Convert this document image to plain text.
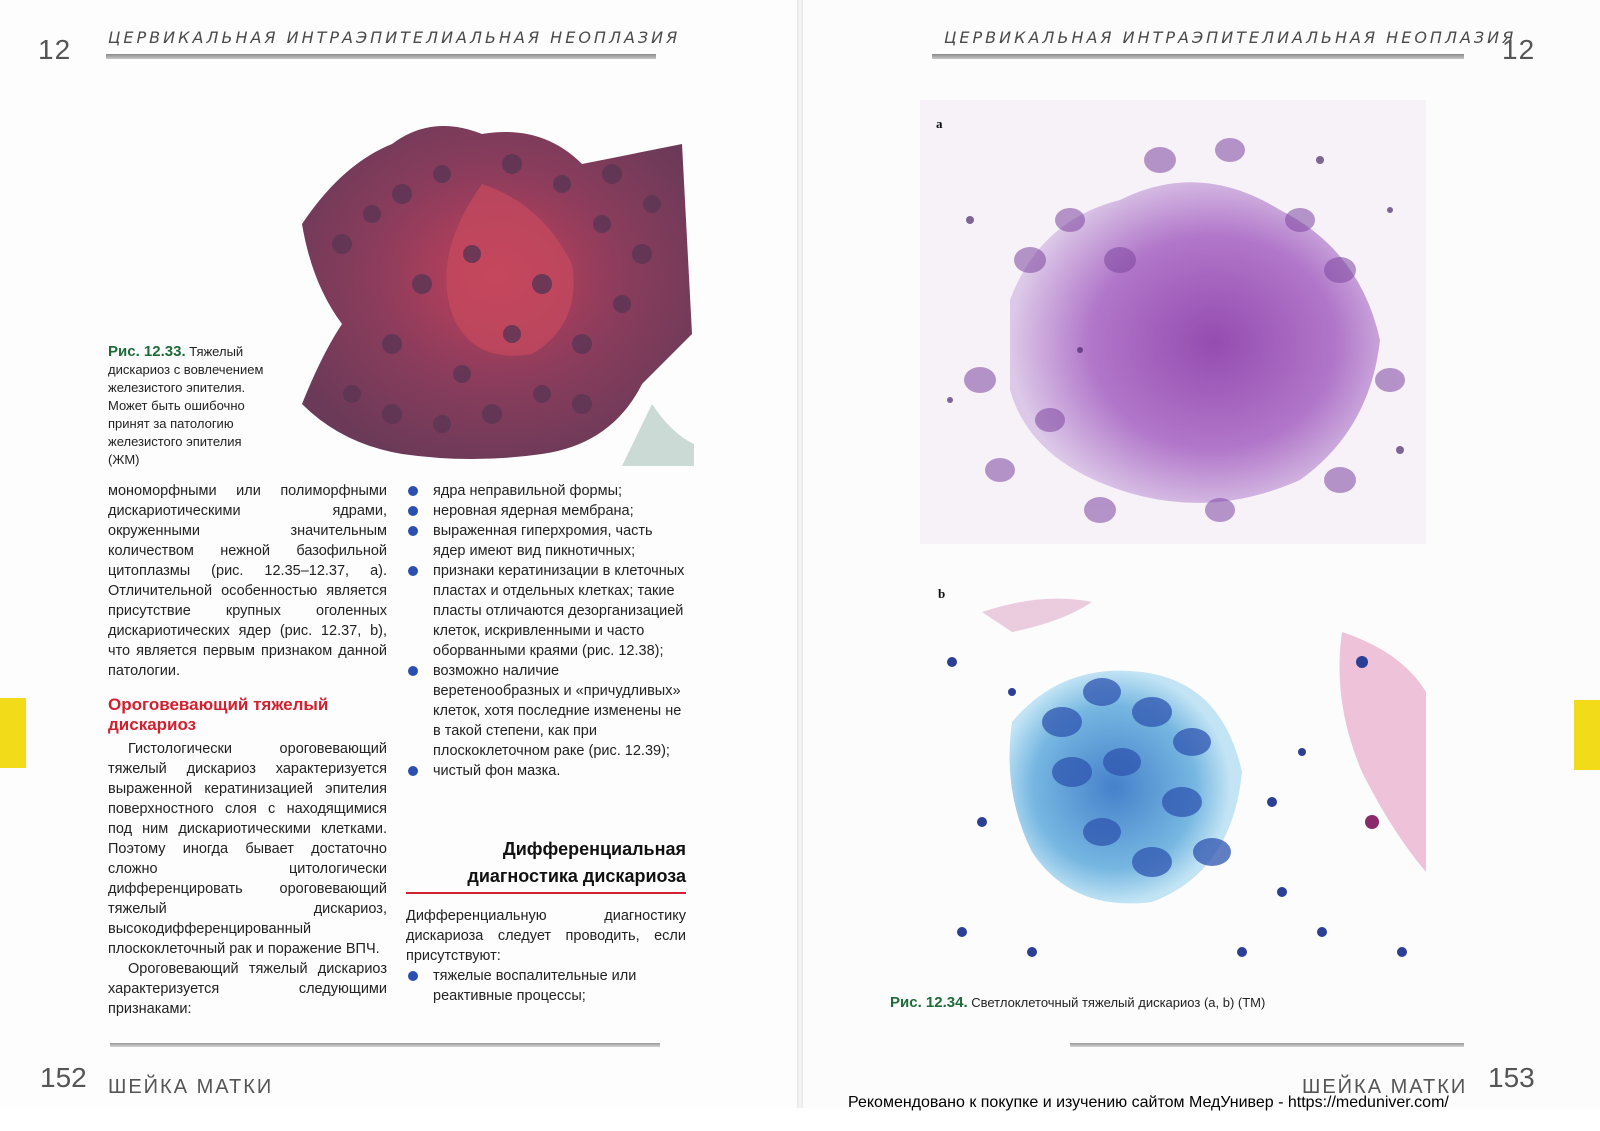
12 ЦЕРВИКАЛЬНАЯ ИНТРАЭПИТЕЛИАЛЬНАЯ НЕОПЛАЗИЯ
Рис. 12.33. Тяжелый дискариоз с вовлечением железистого эпителия. Может быть ошибочно принят за патологию железистого эпителия (ЖМ)
мономорфными или полиморфными дискариотическими ядрами, окруженными значительным количеством нежной базофильной цитоплазмы (рис. 12.35–12.37, а). Отличительной особенностью является присутствие крупных оголенных дискариотических ядер (рис. 12.37, b), что является первым признаком данной патологии.
Ороговевающий тяжелый дискариоз
Гистологически ороговевающий тяжелый дискариоз характеризуется выраженной кератинизацией эпителия поверхностного слоя с находящимися под ним дискариотическими клетками. Поэтому иногда бывает достаточно сложно цитологически дифференцировать ороговевающий тяжелый дискариоз, высокодифференцированный плоскоклеточный рак и поражение ВПЧ.
Ороговевающий тяжелый дискариоз характеризуется следующими признаками:
ядра неправильной формы;
неровная ядерная мембрана;
выраженная гиперхромия, часть ядер имеют вид пикнотичных;
признаки кератинизации в клеточных пластах и отдельных клетках; такие пласты отличаются дезорганизацией клеток, искривленными и часто оборванными краями (рис. 12.38);
возможно наличие веретенообразных и «причудливых» клеток, хотя последние изменены не в такой степени, как при плоскоклеточном раке (рис. 12.39);
чистый фон мазка.
Дифференциальная
диагностика дискариоза
Дифференциальную диагностику дискариоза следует проводить, если присутствуют:
тяжелые воспалительные или реактивные процессы;
152 ШЕЙКА МАТКИ
ЦЕРВИКАЛЬНАЯ ИНТРАЭПИТЕЛИАЛЬНАЯ НЕОПЛАЗИЯ
12
a
b
Рис. 12.34. Светлоклеточный тяжелый дискариоз (a, b) (ТМ)
ШЕЙКА МАТКИ 153
Рекомендовано к покупке и изучению сайтом МедУнивер - https://meduniver.com/
